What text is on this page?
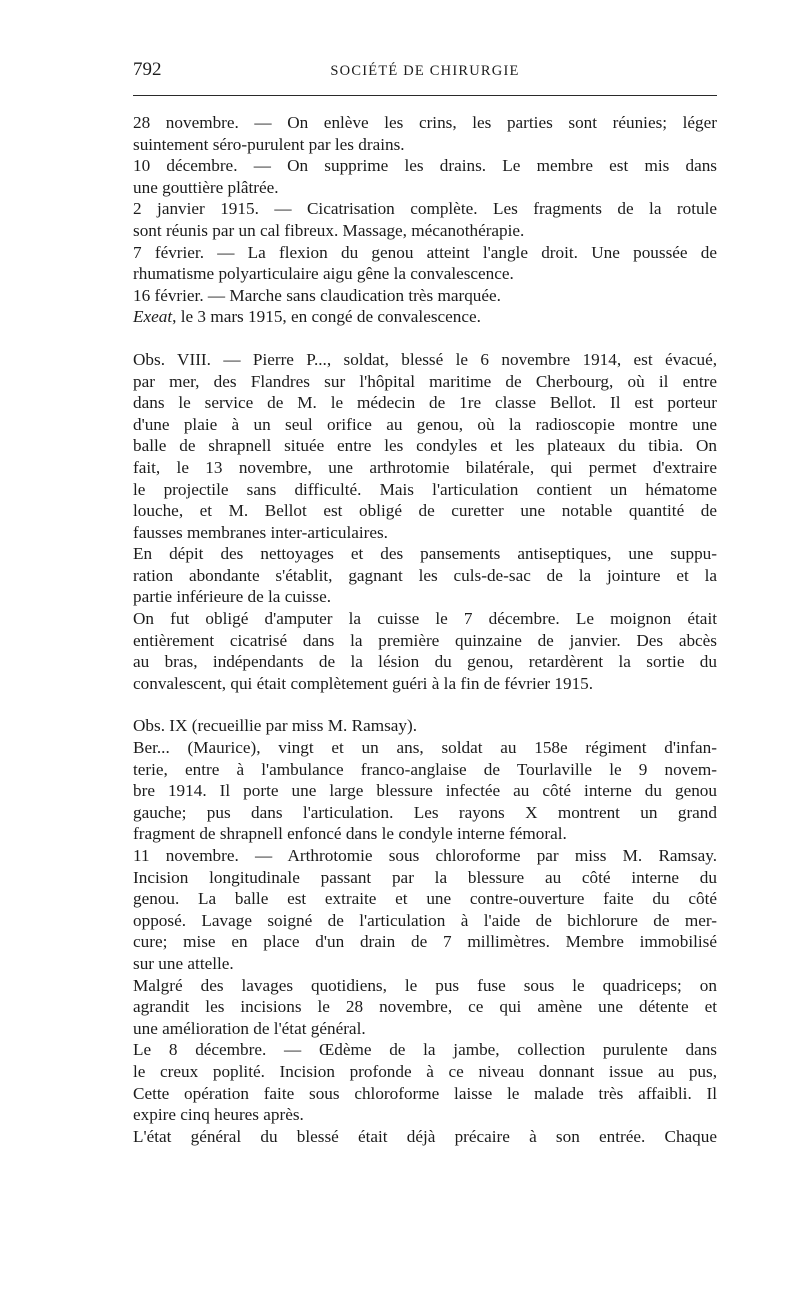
792	SOCIÉTÉ DE CHIRURGIE
28 novembre. — On enlève les crins, les parties sont réunies; léger
suintement séro-purulent par les drains.
10 décembre. — On supprime les drains. Le membre est mis dans
une gouttière plâtrée.
2 janvier 1915. — Cicatrisation complète. Les fragments de la rotule
sont réunis par un cal fibreux. Massage, mécanothérapie.
7 février. — La flexion du genou atteint l'angle droit. Une poussée de
rhumatisme polyarticulaire aigu gêne la convalescence.
16 février. — Marche sans claudication très marquée.
Exeat, le 3 mars 1915, en congé de convalescence.
Obs. VIII. — Pierre P..., soldat, blessé le 6 novembre 1914, est évacué,
par mer, des Flandres sur l'hôpital maritime de Cherbourg, où il entre
dans le service de M. le médecin de 1re classe Bellot. Il est porteur
d'une plaie à un seul orifice au genou, où la radioscopie montre une
balle de shrapnell située entre les condyles et les plateaux du tibia. On
fait, le 13 novembre, une arthrotomie bilatérale, qui permet d'extraire
le projectile sans difficulté. Mais l'articulation contient un hématome
louche, et M. Bellot est obligé de curetter une notable quantité de
fausses membranes inter-articulaires.
En dépit des nettoyages et des pansements antiseptiques, une suppu-
ration abondante s'établit, gagnant les culs-de-sac de la jointure et la
partie inférieure de la cuisse.
On fut obligé d'amputer la cuisse le 7 décembre. Le moignon était
entièrement cicatrisé dans la première quinzaine de janvier. Des abcès
au bras, indépendants de la lésion du genou, retardèrent la sortie du
convalescent, qui était complètement guéri à la fin de février 1915.
Obs. IX (recueillie par miss M. Ramsay).
Ber... (Maurice), vingt et un ans, soldat au 158e régiment d'infan-
terie, entre à l'ambulance franco-anglaise de Tourlaville le 9 novem-
bre 1914. Il porte une large blessure infectée au côté interne du genou
gauche; pus dans l'articulation. Les rayons X montrent un grand
fragment de shrapnell enfoncé dans le condyle interne fémoral.
11 novembre. — Arthrotomie sous chloroforme par miss M. Ramsay.
Incision longitudinale passant par la blessure au côté interne du
genou. La balle est extraite et une contre-ouverture faite du côté
opposé. Lavage soigné de l'articulation à l'aide de bichlorure de mer-
cure; mise en place d'un drain de 7 millimètres. Membre immobilisé
sur une attelle.
Malgré des lavages quotidiens, le pus fuse sous le quadriceps; on
agrandit les incisions le 28 novembre, ce qui amène une détente et
une amélioration de l'état général.
Le 8 décembre. — Œdème de la jambe, collection purulente dans
le creux poplité. Incision profonde à ce niveau donnant issue au pus,
Cette opération faite sous chloroforme laisse le malade très affaibli. Il
expire cinq heures après.
L'état général du blessé était déjà précaire à son entrée. Chaque
